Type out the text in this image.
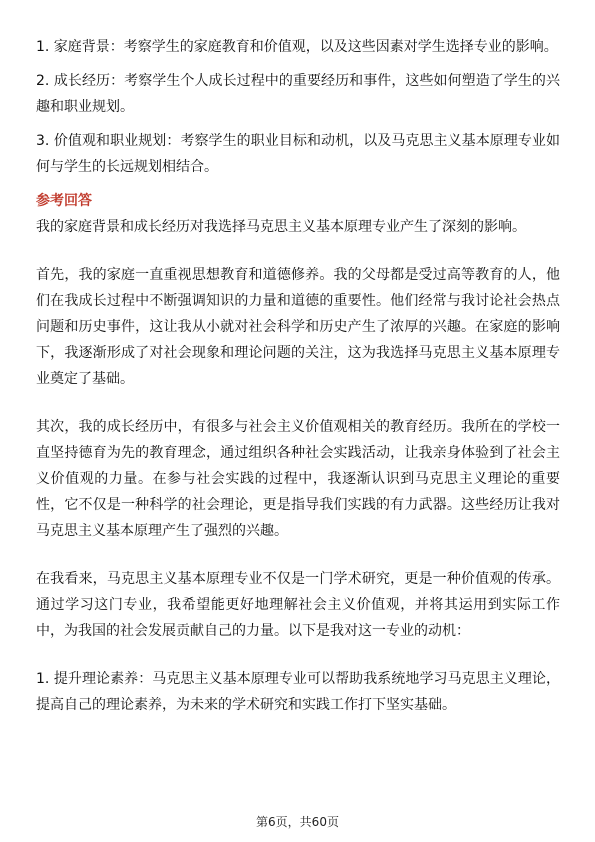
1. 家庭背景：考察学生的家庭教育和价值观，以及这些因素对学生选择专业的影响。

2. 成长经历：考察学生个人成长过程中的重要经历和事件，这些如何塑造了学生的兴趣和职业规划。

3. 价值观和职业规划：考察学生的职业目标和动机，以及马克思主义基本原理专业如何与学生的长远规划相结合。

参考回答

我的家庭背景和成长经历对我选择马克思主义基本原理专业产生了深刻的影响。

首先，我的家庭一直重视思想教育和道德修养。我的父母都是受过高等教育的人，他们在我成长过程中不断强调知识的力量和道德的重要性。他们经常与我讨论社会热点问题和历史事件，这让我从小就对社会科学和历史产生了浓厚的兴趣。在家庭的影响下，我逐渐形成了对社会现象和理论问题的关注，这为我选择马克思主义基本原理专业奠定了基础。

其次，我的成长经历中，有很多与社会主义价值观相关的教育经历。我所在的学校一直坚持德育为先的教育理念，通过组织各种社会实践活动，让我亲身体验到了社会主义价值观的力量。在参与社会实践的过程中，我逐渐认识到马克思主义理论的重要性，它不仅是一种科学的社会理论，更是指导我们实践的有力武器。这些经历让我对马克思主义基本原理产生了强烈的兴趣。

在我看来，马克思主义基本原理专业不仅是一门学术研究，更是一种价值观的传承。通过学习这门专业，我希望能更好地理解社会主义价值观，并将其运用到实际工作中，为我国的社会发展贡献自己的力量。以下是我对这一专业的动机：

1. 提升理论素养：马克思主义基本原理专业可以帮助我系统地学习马克思主义理论，提高自己的理论素养，为未来的学术研究和实践工作打下坚实基础。

第6页，共60页
